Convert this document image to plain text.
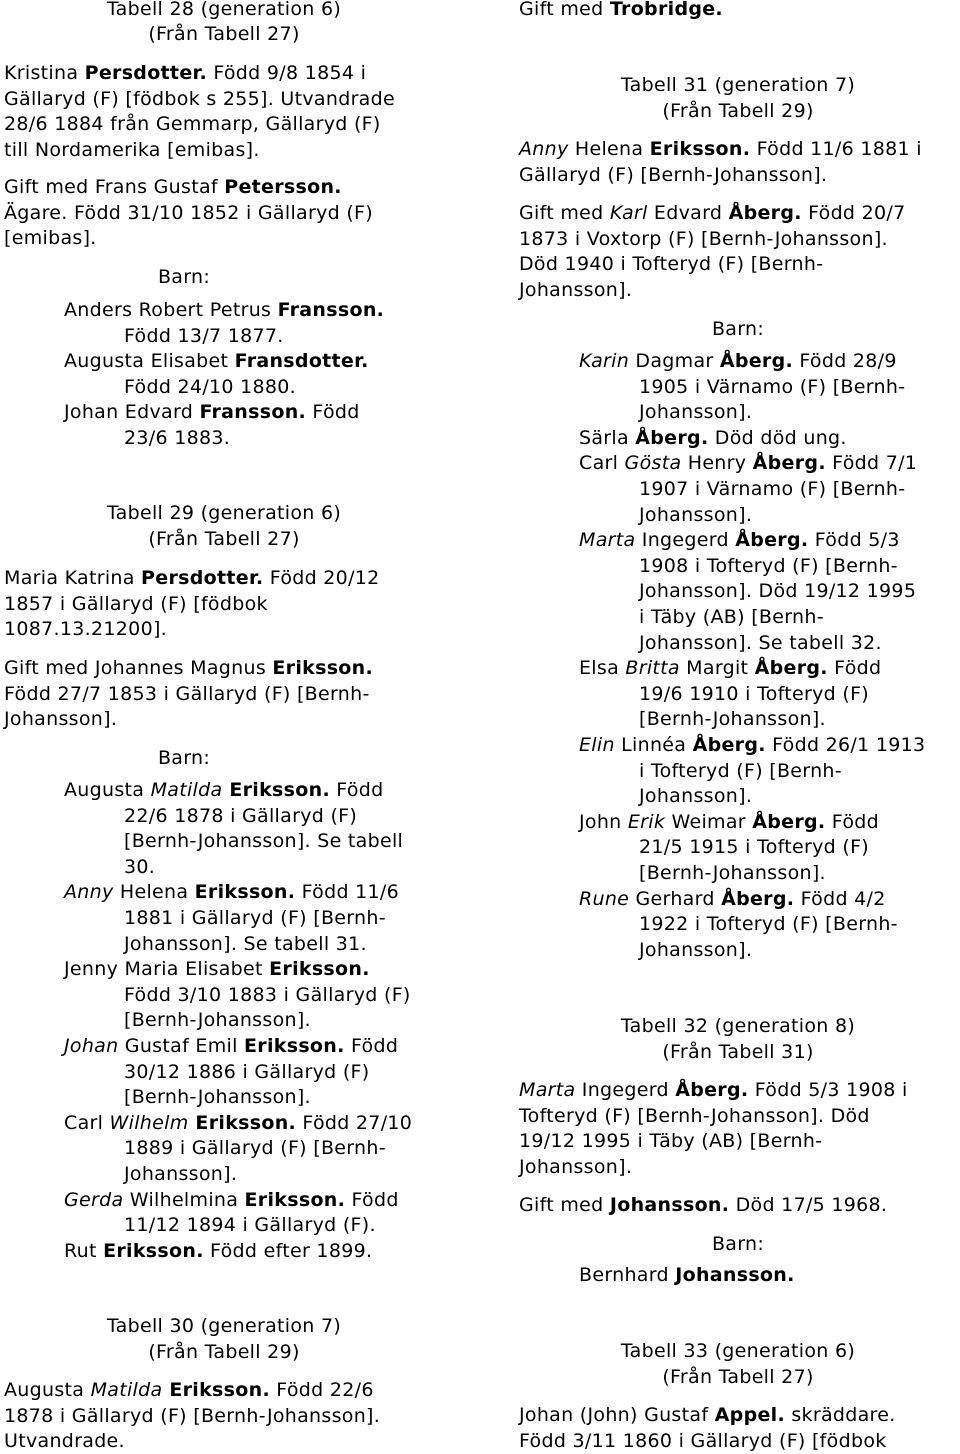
Tabell 28 (generation 6)
(Från Tabell 27)
Kristina Persdotter. Född 9/8 1854 i
Gällaryd (F) [födbok s 255]. Utvandrade
28/6 1884 från Gemmarp, Gällaryd (F)
till Nordamerika [emibas].
Gift med Frans Gustaf Petersson.
Ägare. Född 31/10 1852 i Gällaryd (F)
[emibas].
Barn:
Anders Robert Petrus Fransson.
Född 13/7 1877.
Augusta Elisabet Fransdotter.
Född 24/10 1880.
Johan Edvard Fransson. Född
23/6 1883.
Tabell 29 (generation 6)
(Från Tabell 27)
Maria Katrina Persdotter. Född 20/12
1857 i Gällaryd (F) [födbok
1087.13.21200].
Gift med Johannes Magnus Eriksson.
Född 27/7 1853 i Gällaryd (F) [Bernh-
Johansson].
Barn:
Augusta Matilda Eriksson. Född
22/6 1878 i Gällaryd (F)
[Bernh-Johansson]. Se tabell
30.
Anny Helena Eriksson. Född 11/6
1881 i Gällaryd (F) [Bernh-
Johansson]. Se tabell 31.
Jenny Maria Elisabet Eriksson.
Född 3/10 1883 i Gällaryd (F)
[Bernh-Johansson].
Johan Gustaf Emil Eriksson. Född
30/12 1886 i Gällaryd (F)
[Bernh-Johansson].
Carl Wilhelm Eriksson. Född 27/10
1889 i Gällaryd (F) [Bernh-
Johansson].
Gerda Wilhelmina Eriksson. Född
11/12 1894 i Gällaryd (F).
Rut Eriksson. Född efter 1899.
Tabell 30 (generation 7)
(Från Tabell 29)
Augusta Matilda Eriksson. Född 22/6
1878 i Gällaryd (F) [Bernh-Johansson].
Utvandrade.
Gift med Trobridge.
Tabell 31 (generation 7)
(Från Tabell 29)
Anny Helena Eriksson. Född 11/6 1881 i
Gällaryd (F) [Bernh-Johansson].
Gift med Karl Edvard Åberg. Född 20/7
1873 i Voxtorp (F) [Bernh-Johansson].
Död 1940 i Tofteryd (F) [Bernh-
Johansson].
Barn:
Karin Dagmar Åberg. Född 28/9
1905 i Värnamo (F) [Bernh-
Johansson].
Särla Åberg. Död död ung.
Carl Gösta Henry Åberg. Född 7/1
1907 i Värnamo (F) [Bernh-
Johansson].
Marta Ingegerd Åberg. Född 5/3
1908 i Tofteryd (F) [Bernh-
Johansson]. Död 19/12 1995
i Täby (AB) [Bernh-
Johansson]. Se tabell 32.
Elsa Britta Margit Åberg. Född
19/6 1910 i Tofteryd (F)
[Bernh-Johansson].
Elin Linnéa Åberg. Född 26/1 1913
i Tofteryd (F) [Bernh-
Johansson].
John Erik Weimar Åberg. Född
21/5 1915 i Tofteryd (F)
[Bernh-Johansson].
Rune Gerhard Åberg. Född 4/2
1922 i Tofteryd (F) [Bernh-
Johansson].
Tabell 32 (generation 8)
(Från Tabell 31)
Marta Ingegerd Åberg. Född 5/3 1908 i
Tofteryd (F) [Bernh-Johansson]. Död
19/12 1995 i Täby (AB) [Bernh-
Johansson].
Gift med Johansson. Död 17/5 1968.
Barn:
Bernhard Johansson.
Tabell 33 (generation 6)
(Från Tabell 27)
Johan (John) Gustaf Appel. skräddare.
Född 3/11 1860 i Gällaryd (F) [födbok
